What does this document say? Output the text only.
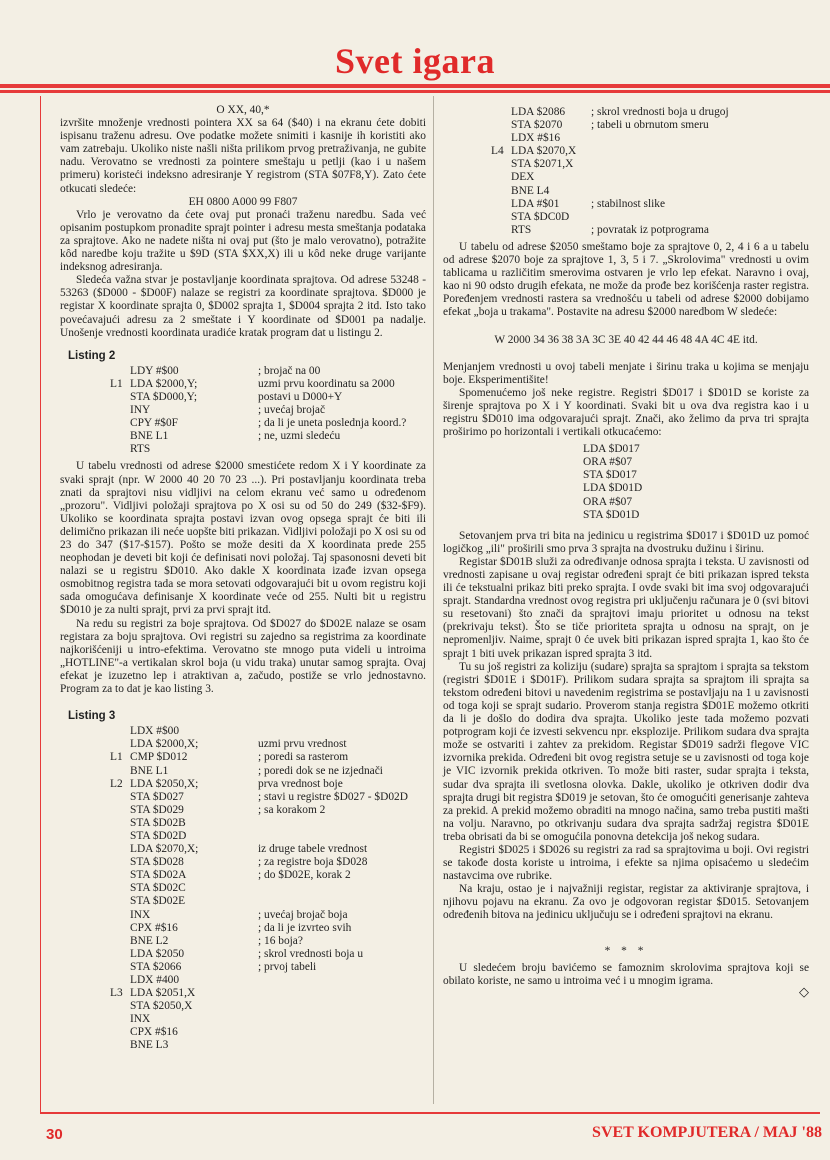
Svet igara
O XX, 40,*

izvršite množenje vrednosti pointera XX sa 64 ($40) i na ekranu ćete dobiti ispisanu traženu adresu. Ove podatke možete snimiti i kasnije ih koristiti ako vam zatrebaju. Ukoliko niste našli ništa prilikom prvog pretraživanja, ne gubite nadu. Verovatno se vrednosti za pointere smeštaju u petlji (kao i u našem primeru) koristeći indeksno adresiranje Y registrom (STA $07F8,Y). Zato ćete otkucati sledeće:

EH 0800 A000 99 F807

Vrlo je verovatno da ćete ovaj put pronaći traženu naredbu. Sada već opisanim postupkom pronadite sprajt pointer i adresu mesta smeštanja podataka za sprajtove. Ako ne nadete ništa ni ovaj put (što je malo verovatno), potražite kôd naredbe koju tražite u $9D (STA $XX,X) ili u kôd neke druge varijante indeksnog adresiranja.

Sledeća važna stvar je postavljanje koordinata sprajtova. Od adrese 53248 - 53263 ($D000 - $D00F) nalaze se registri za koordinate sprajtova. $D000 je registar X koordinate sprajta 0, $D002 sprajta 1, $D004 sprajta 2 itd. Isto tako povećavajući adresu za 2 smeštate i Y koordinate od $D001 pa nadalje. Unošenje vrednosti koordinata uradiće kratak program dat u listingu 2.

Listing 2
LDY #$00	; brojač na 00
L1 LDA $2000,Y;	uzmi prvu koordinatu sa 2000
STA $D000,Y;	postavi u D000+Y
INY	; uvećaj brojač
CPY #$0F	; da li je uneta poslednja koord.?
BNE L1	; ne, uzmi sledeću
RTS

U tabelu vrednosti od adrese $2000 smestićete redom X i Y koordinate za svaki sprajt (npr. W 2000 40 20 70 23 ...). Pri postavljanju koordinata treba znati da sprajtovi nisu vidljivi na celom ekranu već samo u određenom „prozoru". Vidljivi položaji sprajtova po X osi su od 50 do 249 ($32-$F9). Ukoliko se koordinata sprajta postavi izvan ovog opsega sprajt će biti ili delimično prikazan ili neće uopšte biti prikazan. Vidljivi položaji po X osi su od 23 do 347 ($17-$157). Pošto se može desiti da X koordinata prede 255 neophodan je deveti bit koji će definisati novi položaj. Taj spasonosni deveti bit nalazi se u registru $D010. Ako dakle X koordinata izađe izvan opsega osmobitnog registra tada se mora setovati odgovarajući bit u ovom registru koji sada omogućava definisanje X koordinate veće od 255. Nulti bit u registru $D010 je za nulti sprajt, prvi za prvi sprajt itd.

Na redu su registri za boje sprajtova. Od $D027 do $D02E nalaze se osam registara za boju sprajtova. Ovi registri su zajedno sa registrima za koordinate najkorišćeniji u intro-efektima. Verovatno ste mnogo puta videli u introima „HOTLINE"-a vertikalan skrol boja (u vidu traka) unutar samog sprajta. Ovaj efekat je izuzetno lep i atraktivan a, začudo, postiže se vrlo jednostavno. Program za to dat je kao listing 3.

Listing 3
LDX #$00
LDA $2000,X;	uzmi prvu vrednost
L1 CMP $D012	; poredi sa rasterom
BNE L1	; poredi dok se ne izjednači
L2 LDA $2050,X;	prva vrednost boje
STA $D027	; stavi u registre $D027 - $D02D
STA $D029	; sa korakom 2
STA $D02B
STA $D02D
LDA $2070,X;	iz druge tabele vrednost
STA $D028	; za registre boja $D028
STA $D02A	; do $D02E, korak 2
STA $D02C
STA $D02E
INX	; uvećaj brojač boja
CPX #$16	; da li je izvrteo svih
BNE L2	; 16 boja?
LDA $2050	; skrol vrednosti boja u
STA $2066	; prvoj tabeli
LDX #400
L3 LDA $2051,X
STA $2050,X
INX
CPX #$16
BNE L3
LDA $2086	; skrol vrednosti boja u drugoj
STA $2070	; tabeli u obrnutom smeru
LDX #$16
L4 LDA $2070,X
STA $2071,X
DEX
BNE L4
LDA #$01	; stabilnost slike
STA $DC0D
RTS	; povratak iz potprograma

U tabelu od adrese $2050 smeštamo boje za sprajtove 0, 2, 4 i 6 a u tabelu od adrese $2070 boje za sprajtove 1, 3, 5 i 7. „Skrolovima" vrednosti u ovim tablicama u različitim smerovima ostvaren je vrlo lep efekat. Naravno i ovaj, kao ni 90 odsto drugih efekata, ne može da prođe bez korišćenja raster registra. Poređenjem vrednosti rastera sa vrednošću u tabeli od adrese $2000 dobijamo efekat „boja u trakama". Postavite na adresu $2000 naredbom W sledeće:

W 2000 34 36 38 3A 3C 3E 40 42 44 46 48 4A 4C 4E itd.

Menjanjem vrednosti u ovoj tabeli menjate i širinu traka u kojima se menjaju boje. Eksperimentišite!

Spomenućemo još neke registre. Registri $D017 i $D01D se koriste za širenje sprajtova po X i Y koordinati. Svaki bit u ova dva registra kao i u registru $D010 ima odgovarajući sprajt. Znači, ako želimo da prva tri sprajta proširimo po horizontali i vertikali otkucaćemo:

LDA $D017
ORA #$07
STA $D017
LDA $D01D
ORA #$07
STA $D01D

Setovanjem prva tri bita na jedinicu u registrima $D017 i $D01D uz pomoć logičkog „ili" proširili smo prva 3 sprajta na dvostruku dužinu i širinu.

Registar $D01B služi za određivanje odnosa sprajta i teksta. U zavisnosti od vrednosti zapisane u ovaj registar određeni sprajt će biti prikazan ispred teksta ili će tekstualni prikaz biti preko sprajta. I ovde svaki bit ima svoj odgovarajući sprajt. Standardna vrednost ovog registra pri uključenju računara je 0 (svi bitovi su resetovani) što znači da sprajtovi imaju prioritet u odnosu na tekst (prekrivaju tekst). Što se tiče prioriteta sprajta u odnosu na sprajt, on je nepromenljiv. Naime, sprajt 0 će uvek biti prikazan ispred sprajta 1, kao što će sprajt 1 biti uvek prikazan ispred sprajta 3 itd.

Tu su još registri za koliziju (sudare) sprajta sa sprajtom i sprajta sa tekstom (registri $D01E i $D01F). Prilikom sudara sprajta sa sprajtom ili sprajta sa tekstom određeni bitovi u navedenim registrima se postavljaju na 1 u zavisnosti od toga koji se sprajt sudario. Proverom stanja registra $D01E možemo otkriti da li je došlo do dodira dva sprajta. Ukoliko jeste tada možemo pozvati potprogram koji će izvesti sekvencu npr. eksplozije. Prilikom sudara dva sprajta može se ostvariti i zahtev za prekidom. Registar $D019 sadrži flegove VIC izvornika prekida. Određeni bit ovog registra setuje se u zavisnosti od toga koje je VIC izvornik prekida otkriven. To može biti raster, sudar sprajta i teksta, sudar dva sprajta ili svetlosna olovka. Dakle, ukoliko je otkriven dodir dva sprajta drugi bit registra $D019 je setovan, što će omogućiti generisanje zahteva za prekid. A prekid možemo obraditi na mnogo načina, samo treba pustiti mašti na volju. Naravno, po otkrivanju sudara dva sprajta sadržaj registra $D01E treba obrisati da bi se omogućila ponovna detekcija još nekog sudara.

Registri $D025 i $D026 su registri za rad sa sprajtovima u boji. Ovi registri se takođe dosta koriste u introima, i efekte sa njima opisaćemo u sledećim nastavcima ove rubrike.

Na kraju, ostao je i najvažniji registar, registar za aktiviranje sprajtova, i njihovu pojavu na ekranu. Za ovo je odgovoran registar $D015. Setovanjem određenih bitova na jedinicu uključuju se i određeni sprajtovi na ekranu.

* * *

U sledećem broju bavićemo se famoznim skrolovima sprajtova koji se obilato koriste, ne samo u introima već i u mnogim igrama.

◇
30	SVET KOMPJUTERA / MAJ '88
